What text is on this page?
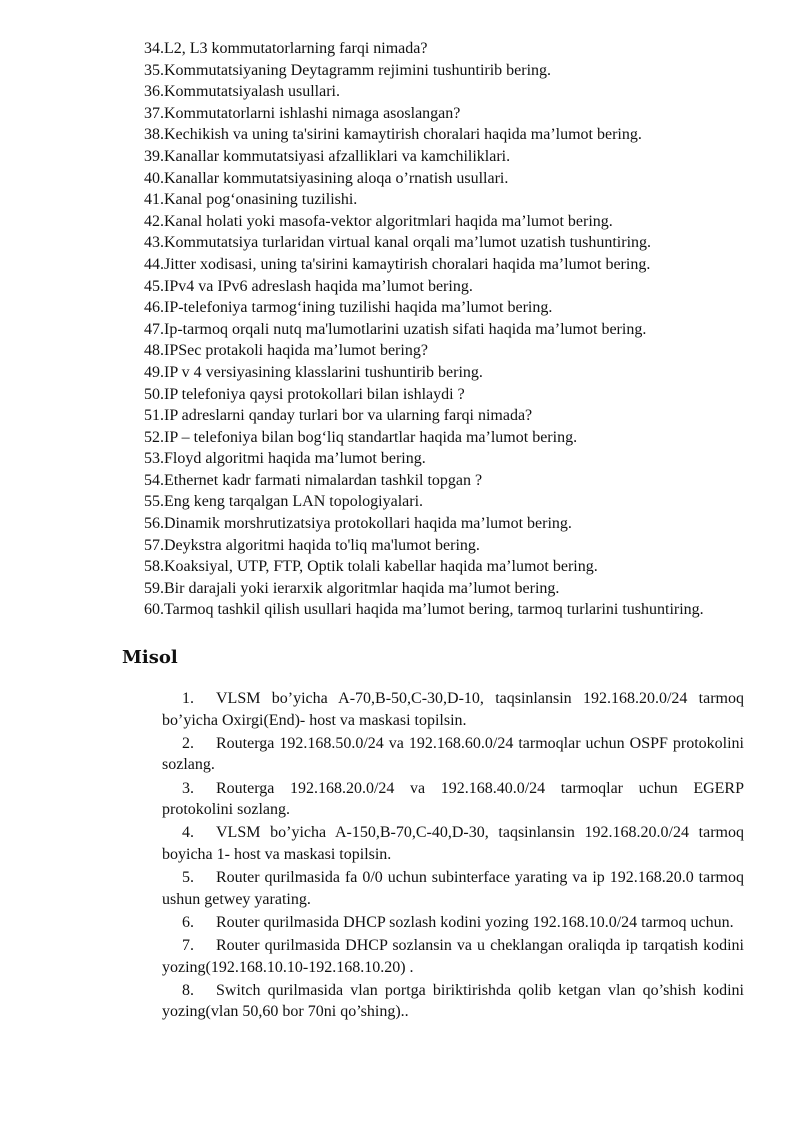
34. L2, L3 kommutatorlarning farqi nimada?
35. Kommutatsiyaning Deytagramm rejimini tushuntirib bering.
36. Kommutatsiyalash usullari.
37. Kommutatorlarni ishlashi nimaga asoslangan?
38. Kechikish va uning ta'sirini kamaytirish choralari haqida ma’lumot bering.
39. Kanallar kommutatsiyasi afzalliklari va kamchiliklari.
40. Kanallar kommutatsiyasining aloqa o’rnatish usullari.
41. Kanal pog‘onasining tuzilishi.
42. Kanal holati yoki masofa-vektor algoritmlari haqida ma’lumot bering.
43. Kommutatsiya turlaridan virtual kanal orqali ma’lumot uzatish tushuntiring.
44. Jitter xodisasi, uning ta'sirini kamaytirish choralari haqida ma’lumot bering.
45. IPv4 va IPv6 adreslash haqida ma’lumot bering.
46. IP-telefoniya tarmog‘ining tuzilishi haqida ma’lumot bering.
47. Ip-tarmoq orqali nutq ma'lumotlarini uzatish sifati haqida ma’lumot bering.
48. IPSec protakoli haqida ma’lumot bering?
49. IP v 4 versiyasining klasslarini tushuntirib bering.
50. IP telefoniya qaysi protokollari bilan ishlaydi ?
51. IP adreslarni qanday turlari bor va ularning farqi nimada?
52. IP – telefoniya bilan bog‘liq standartlar haqida ma’lumot bering.
53. Floyd algoritmi haqida ma’lumot bering.
54. Ethernet kadr farmati nimalardan tashkil topgan ?
55. Eng keng tarqalgan LAN topologiyalari.
56. Dinamik morshrutizatsiya protokollari haqida ma’lumot bering.
57. Deykstra algoritmi haqida to'liq ma'lumot bering.
58. Koaksiyal, UTP, FTP, Optik tolali kabellar haqida ma’lumot bering.
59. Bir darajali yoki ierarxik algoritmlar haqida ma’lumot bering.
60. Tarmoq tashkil qilish usullari haqida ma’lumot bering, tarmoq turlarini tushuntiring.
Misol
1. VLSM bo’yicha A-70,B-50,C-30,D-10, taqsinlansin 192.168.20.0/24 tarmoq bo’yicha Oxirgi(End)- host va maskasi topilsin.
2. Routerga 192.168.50.0/24 va 192.168.60.0/24 tarmoqlar uchun OSPF protokolini sozlang.
3. Routerga 192.168.20.0/24 va 192.168.40.0/24 tarmoqlar uchun EGERP protokolini sozlang.
4. VLSM bo’yicha A-150,B-70,C-40,D-30, taqsinlansin 192.168.20.0/24 tarmoq boyicha 1- host va maskasi topilsin.
5. Router qurilmasida fa 0/0 uchun subinterface yarating va ip 192.168.20.0 tarmoq ushun getwey yarating.
6. Router qurilmasida DHCP sozlash kodini yozing 192.168.10.0/24 tarmoq uchun.
7. Router qurilmasida DHCP sozlansin va u cheklangan oraliqda ip tarqatish kodini yozing(192.168.10.10-192.168.10.20) .
8. Switch qurilmasida vlan portga biriktirishda qolib ketgan vlan qo’shish kodini yozing(vlan 50,60 bor 70ni qo’shing)..
